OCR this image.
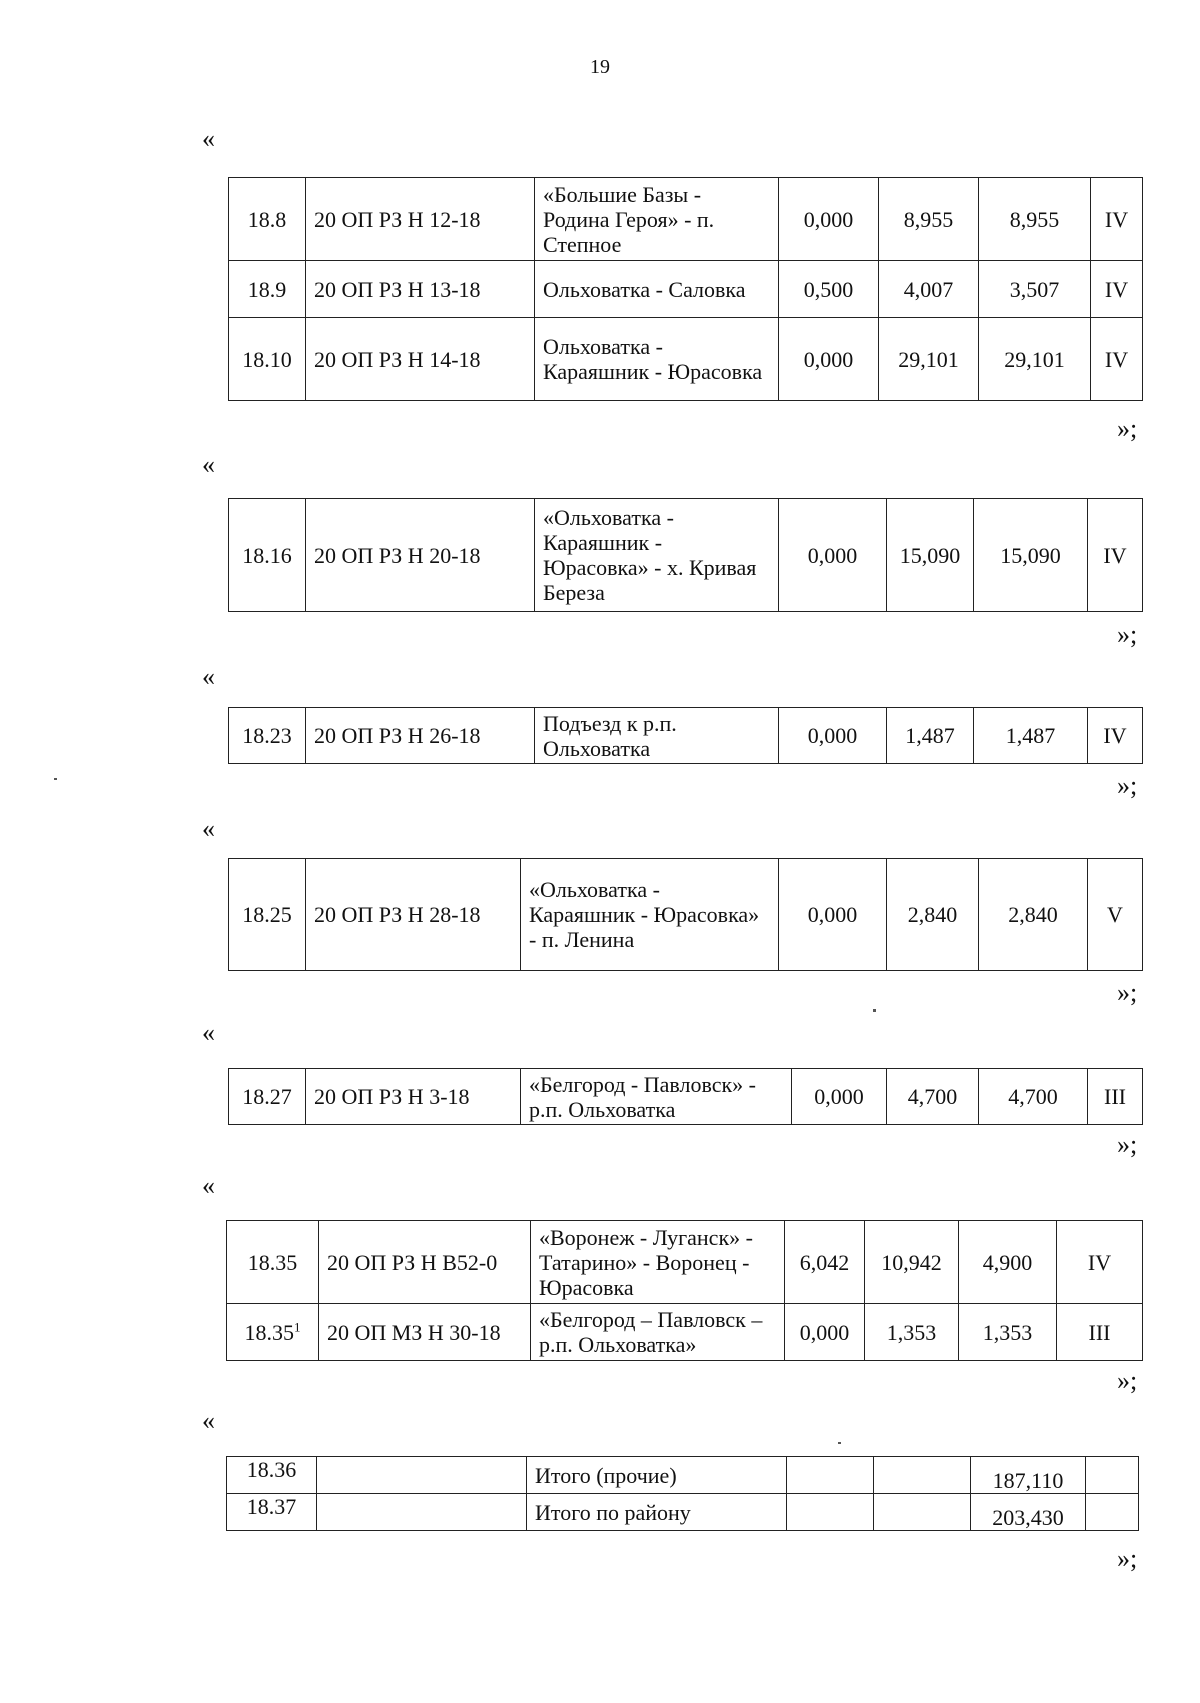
19
«
18.8	20 ОП РЗ Н 12-18	«Большие Базы - Родина Героя» - п. Степное	0,000	8,955	8,955	IV
18.9	20 ОП РЗ Н 13-18	Ольховатка - Саловка	0,500	4,007	3,507	IV
18.10	20 ОП РЗ Н 14-18	Ольховатка - Караяшник - Юрасовка	0,000	29,101	29,101	IV
»;
«
18.16	20 ОП РЗ Н 20-18	«Ольховатка - Караяшник - Юрасовка» - х. Кривая Береза	0,000	15,090	15,090	IV
»;
«
18.23	20 ОП РЗ Н 26-18	Подъезд к р.п. Ольховатка	0,000	1,487	1,487	IV
»;
«
18.25	20 ОП РЗ Н 28-18	«Ольховатка - Караяшник - Юрасовка» - п. Ленина	0,000	2,840	2,840	V
»;
«
18.27	20 ОП РЗ Н 3-18	«Белгород - Павловск» - р.п. Ольховатка	0,000	4,700	4,700	III
»;
«
18.35	20 ОП РЗ Н В52-0	«Воронеж - Луганск» - Татарино» - Воронец - Юрасовка	6,042	10,942	4,900	IV
18.35$^1$	20 ОП МЗ Н 30-18	«Белгород – Павловск – р.п. Ольховатка»	0,000	1,353	1,353	III
»;
«
18.36		Итого (прочие)			187,110	
18.37		Итого по району			203,430	
»;
